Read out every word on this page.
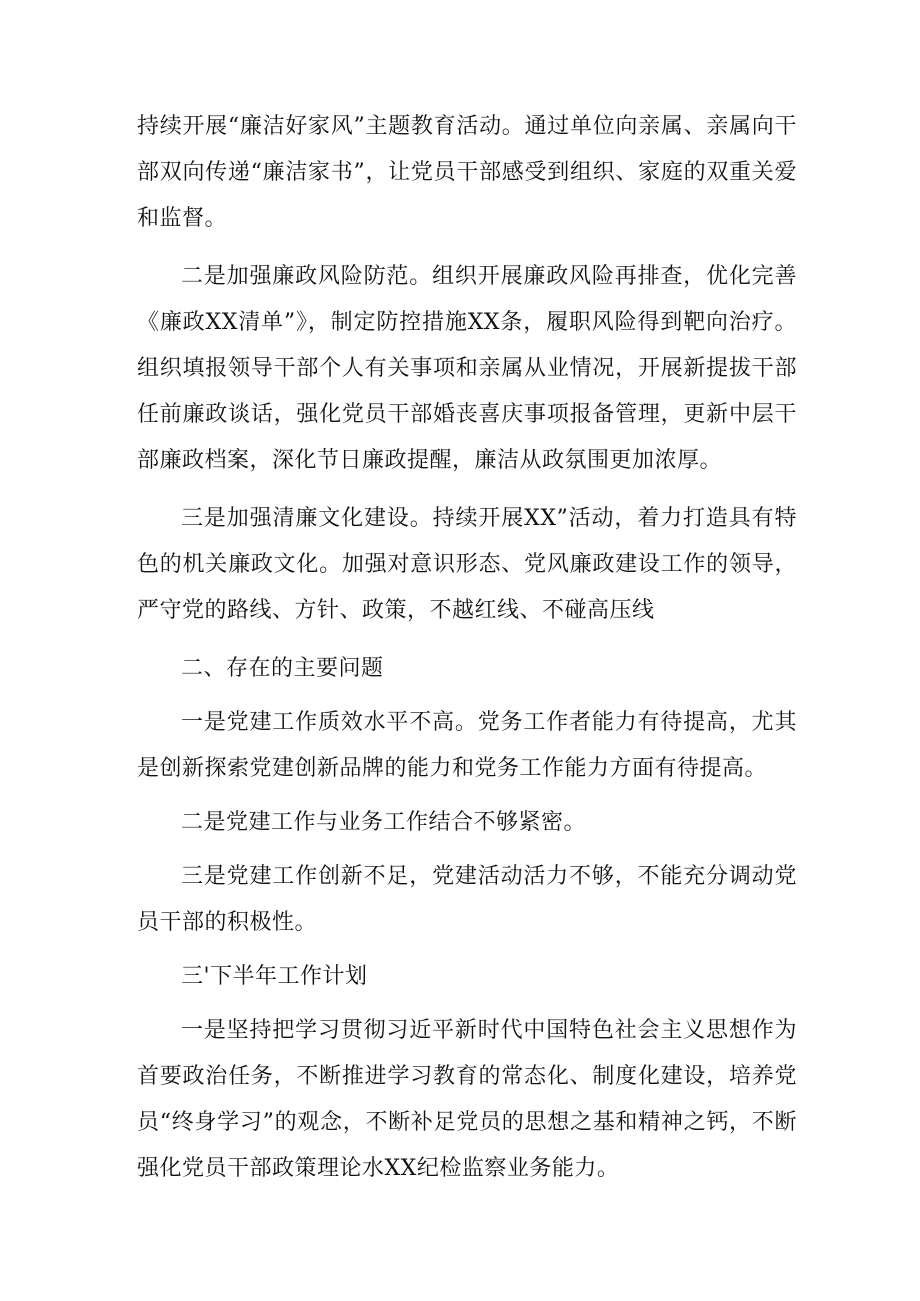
持续开展“廉洁好家风”主题教育活动。通过单位向亲属、亲属向干部双向传递“廉洁家书”，让党员干部感受到组织、家庭的双重关爱和监督。

二是加强廉政风险防范。组织开展廉政风险再排查，优化完善《廉政XX清单”》，制定防控措施XX条，履职风险得到靶向治疗。组织填报领导干部个人有关事项和亲属从业情况，开展新提拔干部任前廉政谈话，强化党员干部婚丧喜庆事项报备管理，更新中层干部廉政档案，深化节日廉政提醒，廉洁从政氛围更加浓厚。

三是加强清廉文化建设。持续开展XX”活动，着力打造具有特色的机关廉政文化。加强对意识形态、党风廉政建设工作的领导，严守党的路线、方针、政策，不越红线、不碰高压线

二、存在的主要问题

一是党建工作质效水平不高。党务工作者能力有待提高，尤其是创新探索党建创新品牌的能力和党务工作能力方面有待提高。

二是党建工作与业务工作结合不够紧密。

三是党建工作创新不足，党建活动活力不够，不能充分调动党员干部的积极性。

三'下半年工作计划

一是坚持把学习贯彻习近平新时代中国特色社会主义思想作为首要政治任务，不断推进学习教育的常态化、制度化建设，培养党员“终身学习”的观念，不断补足党员的思想之基和精神之钙，不断强化党员干部政策理论水XX纪检监察业务能力。
